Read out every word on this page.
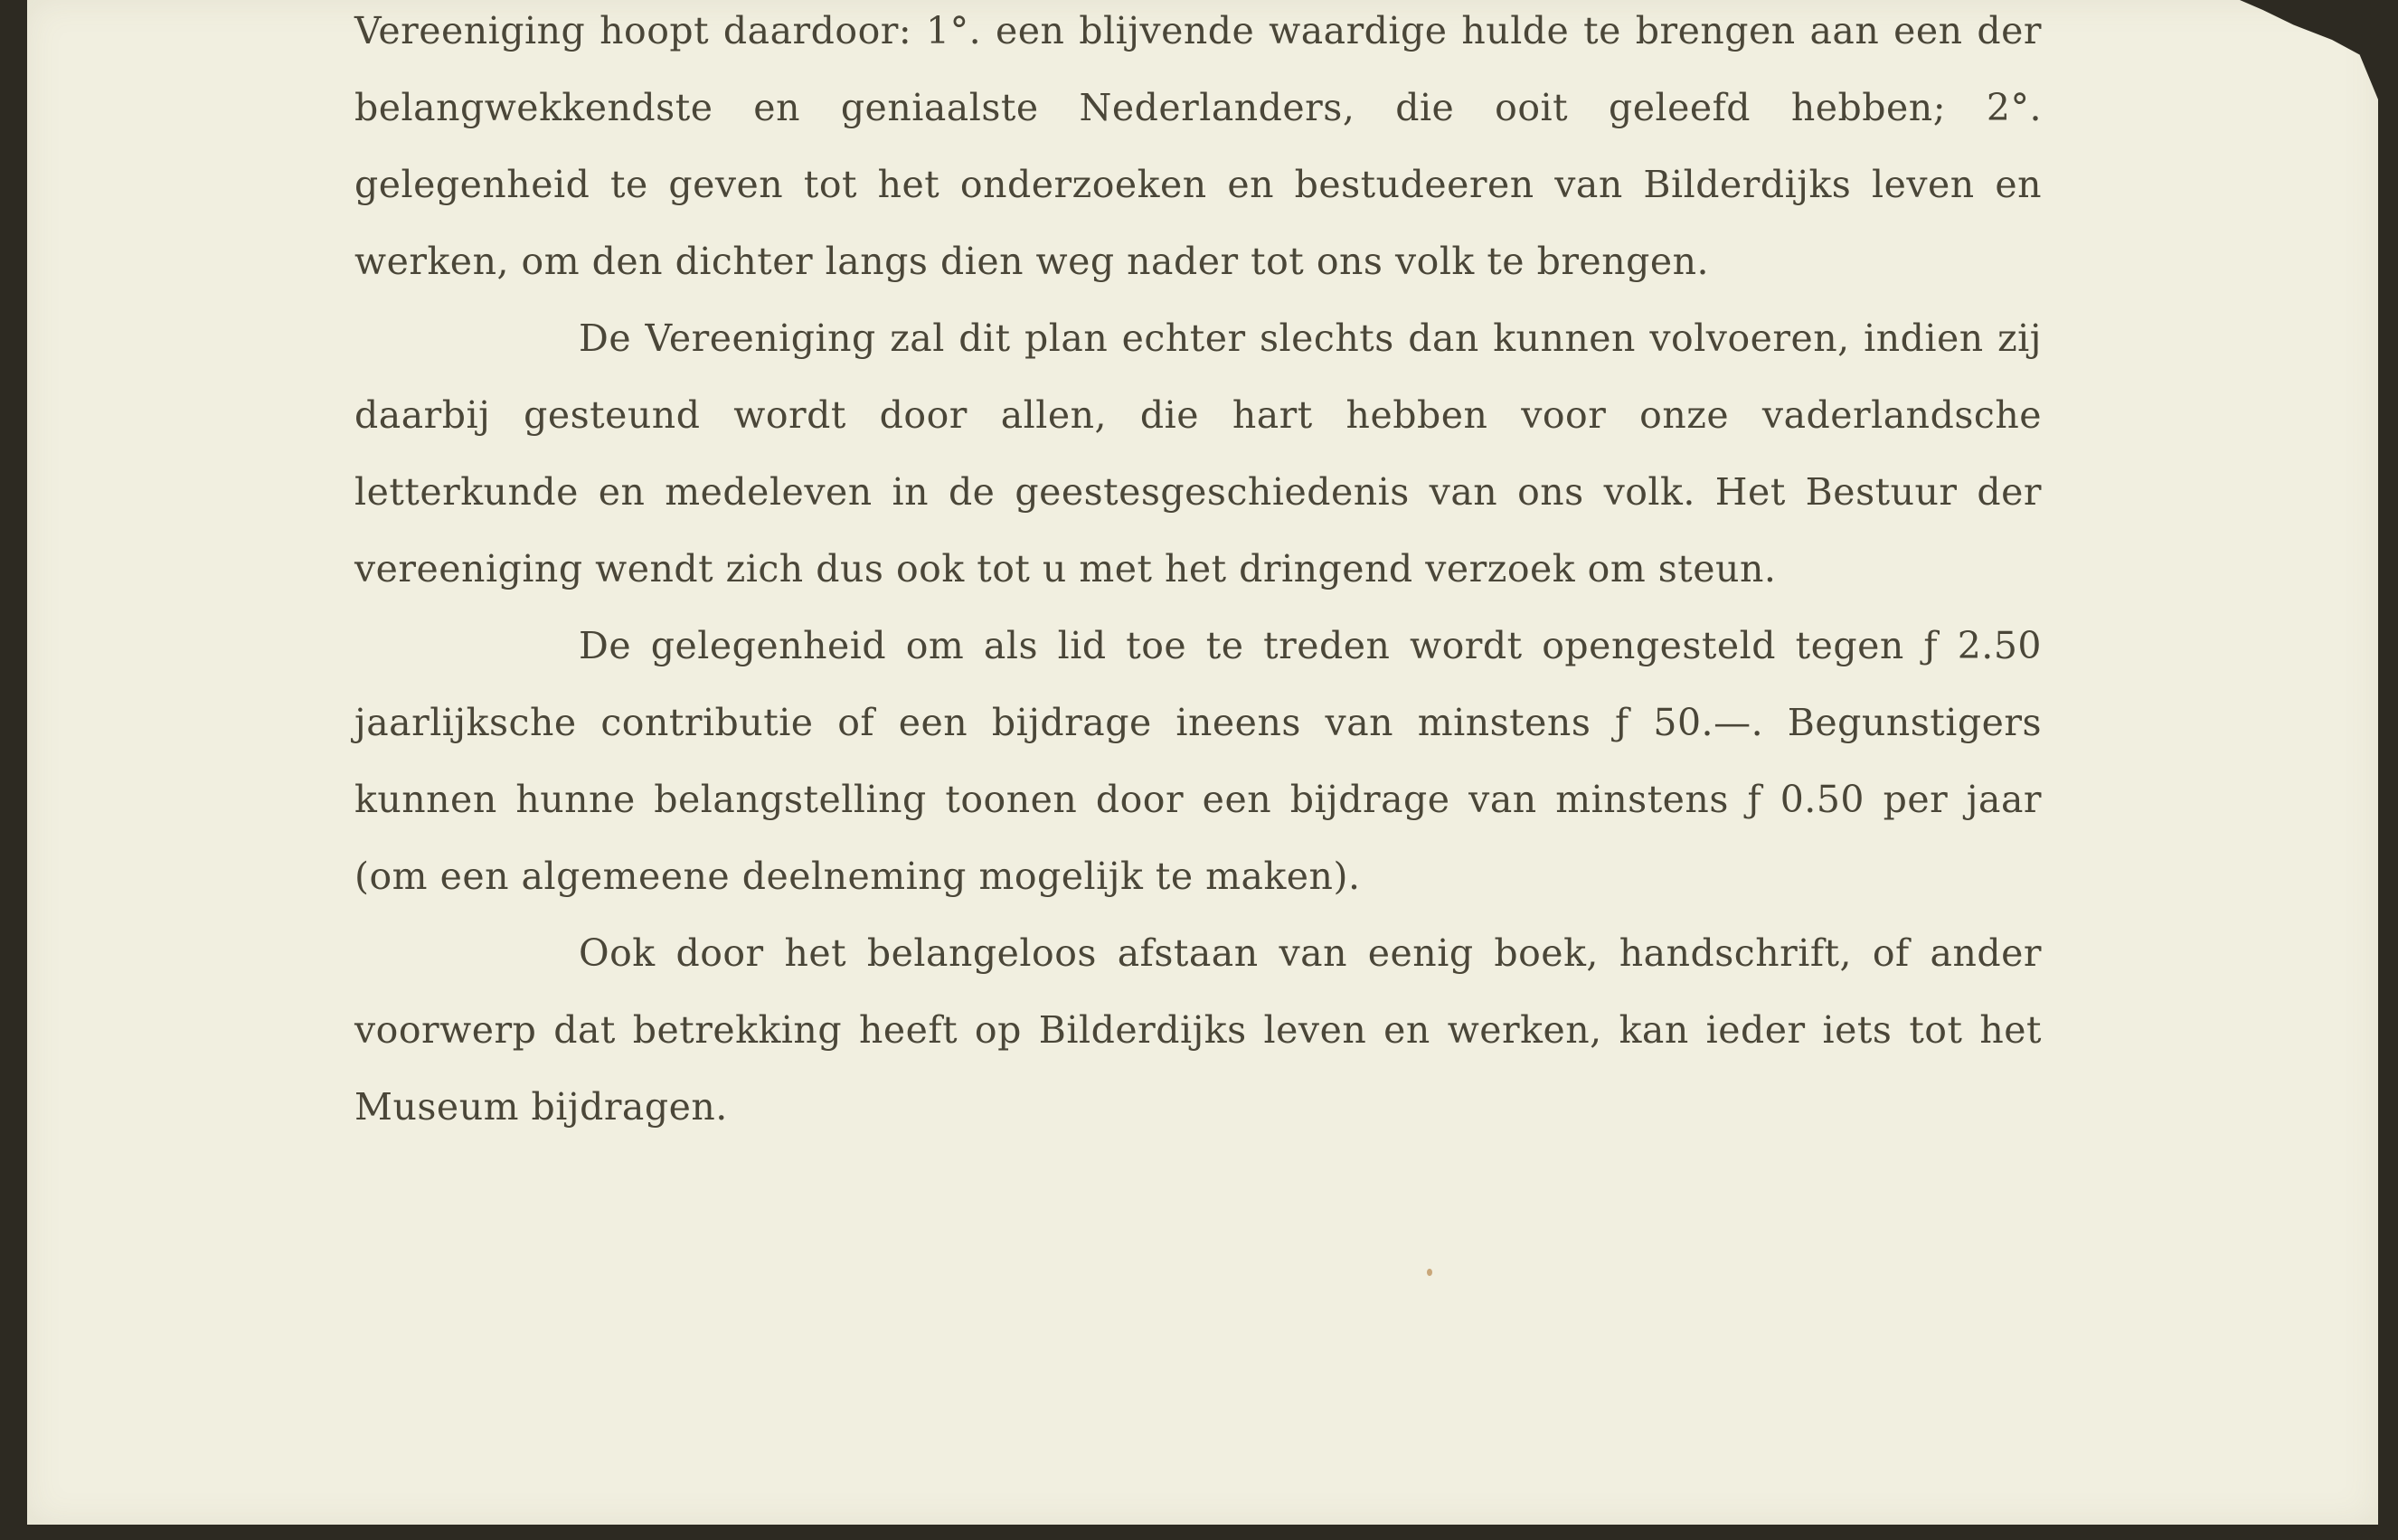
Vereeniging hoopt daardoor: 1°. een blijvende waardige hulde te brengen aan een der belangwekkendste en geniaalste Nederlanders, die ooit geleefd hebben; 2°. gelegenheid te geven tot het onderzoeken en bestudeeren van Bilderdijks leven en werken, om den dichter langs dien weg nader tot ons volk te brengen.

De Vereeniging zal dit plan echter slechts dan kunnen volvoeren, indien zij daarbij gesteund wordt door allen, die hart hebben voor onze vaderlandsche letterkunde en medeleven in de geestesgeschiedenis van ons volk. Het Bestuur der vereeniging wendt zich dus ook tot u met het dringend verzoek om steun.

De gelegenheid om als lid toe te treden wordt opengesteld tegen ƒ 2.50 jaarlijksche contributie of een bijdrage ineens van minstens ƒ 50.—. Begunstigers kunnen hunne belangstelling toonen door een bijdrage van minstens ƒ 0.50 per jaar (om een algemeene deelneming mogelijk te maken).

Ook door het belangeloos afstaan van eenig boek, handschrift, of ander voorwerp dat betrekking heeft op Bilderdijks leven en werken, kan ieder iets tot het Museum bijdragen.
